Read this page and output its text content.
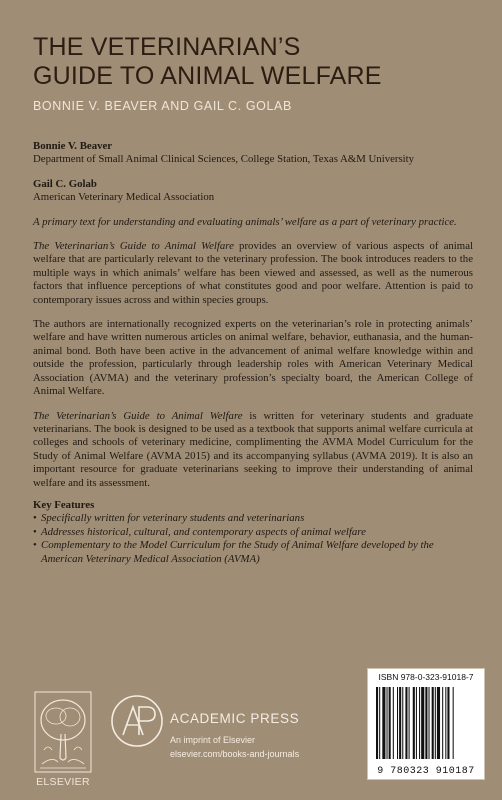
THE VETERINARIAN’S
GUIDE TO ANIMAL WELFARE
BONNIE V. BEAVER AND GAIL C. GOLAB
Bonnie V. Beaver
Department of Small Animal Clinical Sciences, College Station, Texas A&M University
Gail C. Golab
American Veterinary Medical Association
A primary text for understanding and evaluating animals’ welfare as a part of veterinary practice.
The Veterinarian’s Guide to Animal Welfare provides an overview of various aspects of animal welfare that are particularly relevant to the veterinary profession. The book introduces readers to the multiple ways in which animals’ welfare has been viewed and assessed, as well as the numerous factors that influence perceptions of what constitutes good and poor welfare. Attention is paid to contemporary issues across and within species groups.
The authors are internationally recognized experts on the veterinarian’s role in protecting animals’ welfare and have written numerous articles on animal welfare, behavior, euthanasia, and the human-animal bond. Both have been active in the advancement of animal welfare knowledge within and outside the profession, particularly through leadership roles with American Veterinary Medical Association (AVMA) and the veterinary profession’s specialty board, the American College of Animal Welfare.
The Veterinarian’s Guide to Animal Welfare is written for veterinary students and graduate veterinarians. The book is designed to be used as a textbook that supports animal welfare curricula at colleges and schools of veterinary medicine, complimenting the AVMA Model Curriculum for the Study of Animal Welfare (AVMA 2015) and its accompanying syllabus (AVMA 2019). It is also an important resource for graduate veterinarians seeking to improve their understanding of animal welfare and its assessment.
Key Features
• Specifically written for veterinary students and veterinarians
• Addresses historical, cultural, and contemporary aspects of animal welfare
• Complementary to the Model Curriculum for the Study of Animal Welfare developed by the American Veterinary Medical Association (AVMA)
ELSEVIER
ACADEMIC PRESS
An imprint of Elsevier
elsevier.com/books-and-journals
ISBN 978-0-323-91018-7
9 780323 910187
